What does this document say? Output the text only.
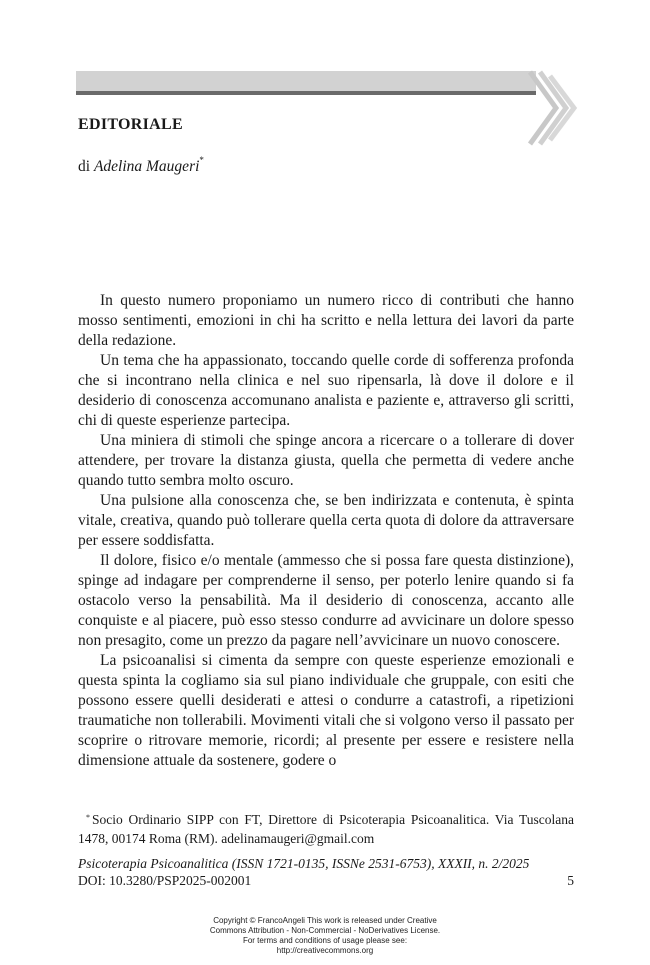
EDITORIALE
di Adelina Maugeri*

In questo numero proponiamo un numero ricco di contributi che hanno mosso sentimenti, emozioni in chi ha scritto e nella lettura dei lavori da parte della redazione.

Un tema che ha appassionato, toccando quelle corde di sofferenza profonda che si incontrano nella clinica e nel suo ripensarla, là dove il dolore e il desiderio di conoscenza accomunano analista e paziente e, attraverso gli scritti, chi di queste esperienze partecipa.

Una miniera di stimoli che spinge ancora a ricercare o a tollerare di dover attendere, per trovare la distanza giusta, quella che permetta di vedere anche quando tutto sembra molto oscuro.

Una pulsione alla conoscenza che, se ben indirizzata e contenuta, è spinta vitale, creativa, quando può tollerare quella certa quota di dolore da attraversare per essere soddisfatta.

Il dolore, fisico e/o mentale (ammesso che si possa fare questa distinzione), spinge ad indagare per comprenderne il senso, per poterlo lenire quando si fa ostacolo verso la pensabilità. Ma il desiderio di conoscenza, accanto alle conquiste e al piacere, può esso stesso condurre ad avvicinare un dolore spesso non presagito, come un prezzo da pagare nell’avvicinare un nuovo conoscere.

La psicoanalisi si cimenta da sempre con queste esperienze emozionali e questa spinta la cogliamo sia sul piano individuale che gruppale, con esiti che possono essere quelli desiderati e attesi o condurre a catastrofi, a ripetizioni traumatiche non tollerabili. Movimenti vitali che si volgono verso il passato per scoprire o ritrovare memorie, ricordi; al presente per essere e resistere nella dimensione attuale da sostenere, godere o

* Socio Ordinario SIPP con FT, Direttore di Psicoterapia Psicoanalitica. Via Tuscolana 1478, 00174 Roma (RM). adelinamaugeri@gmail.com
Psicoterapia Psicoanalitica (ISSN 1721-0135, ISSNe 2531-6753), XXXII, n. 2/2025
DOI: 10.3280/PSP2025-002001	5
Copyright © FrancoAngeli This work is released under Creative
Commons Attribution - Non-Commercial - NoDerivatives License.
For terms and conditions of usage please see:
http://creativecommons.org
